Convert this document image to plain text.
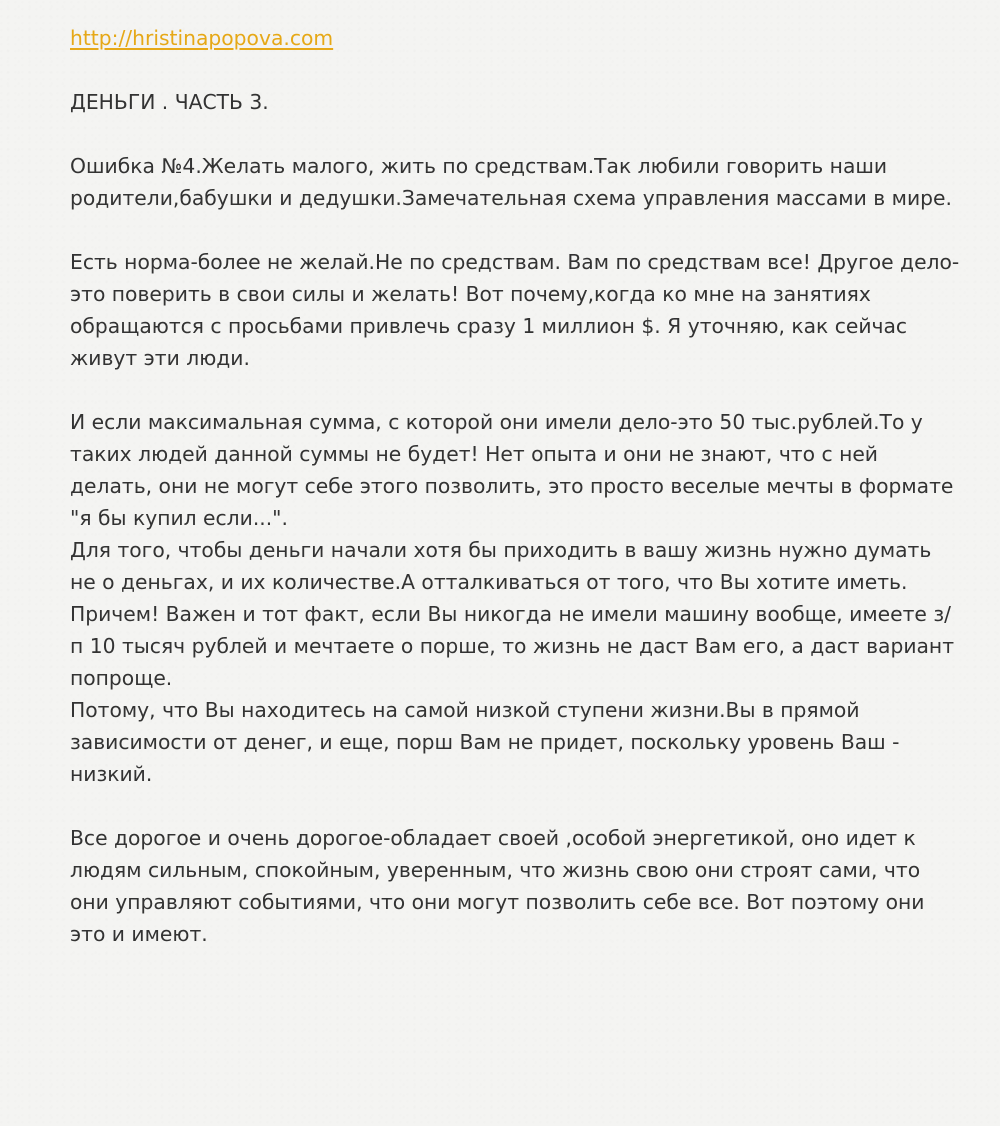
http://hristinapopova.com
ДЕНЬГИ . ЧАСТЬ 3.

Ошибка №4.Желать малого, жить по средствам.Так любили говорить наши родители,бабушки и дедушки.Замечательная схема управления массами в мире.

Есть норма-более не желай.Не по средствам. Вам по средствам все! Другое дело-это поверить в свои силы и желать! Вот почему,когда ко мне на занятиях обращаются с просьбами привлечь сразу 1 миллион $. Я уточняю, как сейчас живут эти люди.

И если максимальная сумма, с которой они имели дело-это 50 тыс.рублей.То у таких людей данной суммы не будет! Нет опыта и они не знают, что с ней делать, они не могут себе этого позволить, это просто веселые мечты в формате "я бы купил если...".

Для того, чтобы деньги начали хотя бы приходить в вашу жизнь нужно думать не о деньгах, и их количестве.А отталкиваться от того, что Вы хотите иметь. Причем! Важен и тот факт, если Вы никогда не имели машину вообще, имеете з/п 10 тысяч рублей и мечтаете о порше, то жизнь не даст Вам его, а даст вариант попроще.

Потому, что Вы находитесь на самой низкой ступени жизни.Вы в прямой зависимости от денег, и еще, порш Вам не придет, поскольку уровень Ваш - низкий.

Все дорогое и очень дорогое-обладает своей ,особой энергетикой, оно идет к людям сильным, спокойным, уверенным, что жизнь свою они строят сами, что они управляют событиями, что они могут позволить себе все. Вот поэтому они это и имеют.
